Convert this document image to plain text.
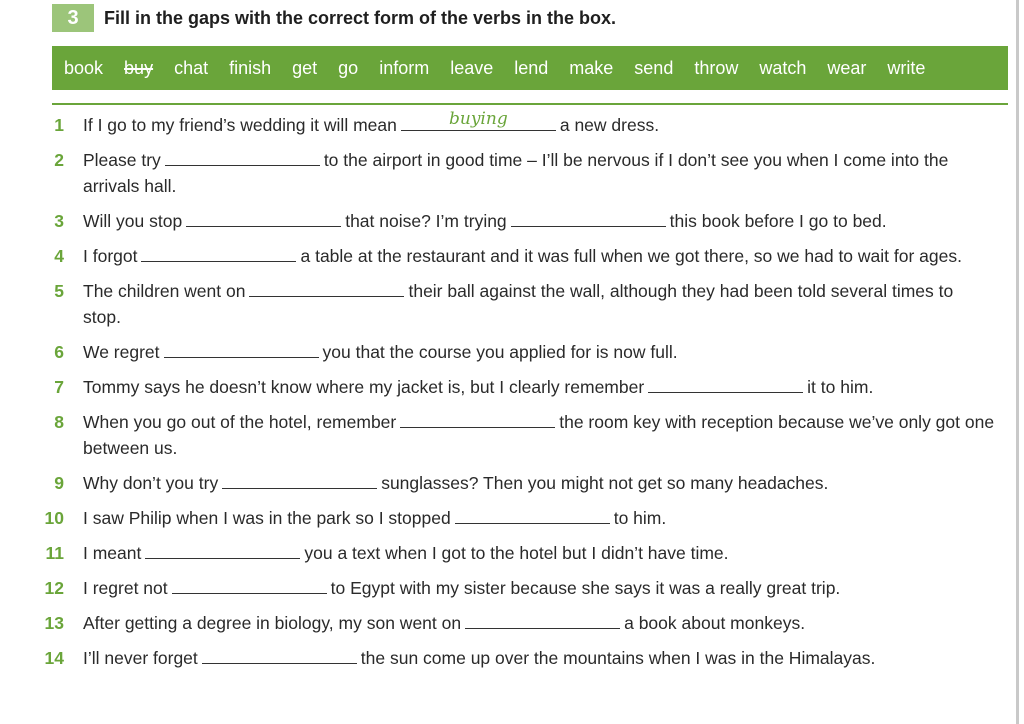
3	Fill in the gaps with the correct form of the verbs in the box.
book buy chat finish get go inform leave lend make send throw watch wear write
1 If I go to my friend’s wedding it will mean	buying	a new dress.
2 Please try	to the airport in good time – I’ll be nervous if I don’t see you when I come into the arrivals hall.
3 Will you stop	that noise? I’m trying	this book before I go to bed.
4 I forgot	a table at the restaurant and it was full when we got there, so we had to wait for ages.
5 The children went on	their ball against the wall, although they had been told several times to stop.
6 We regret	you that the course you applied for is now full.
7 Tommy says he doesn’t know where my jacket is, but I clearly remember	it to him.
8 When you go out of the hotel, remember	the room key with reception because we’ve only got one between us.
9 Why don’t you try	sunglasses? Then you might not get so many headaches.
10 I saw Philip when I was in the park so I stopped	to him.
11 I meant	you a text when I got to the hotel but I didn’t have time.
12 I regret not	to Egypt with my sister because she says it was a really great trip.
13 After getting a degree in biology, my son went on	a book about monkeys.
14 I’ll never forget	the sun come up over the mountains when I was in the Himalayas.
